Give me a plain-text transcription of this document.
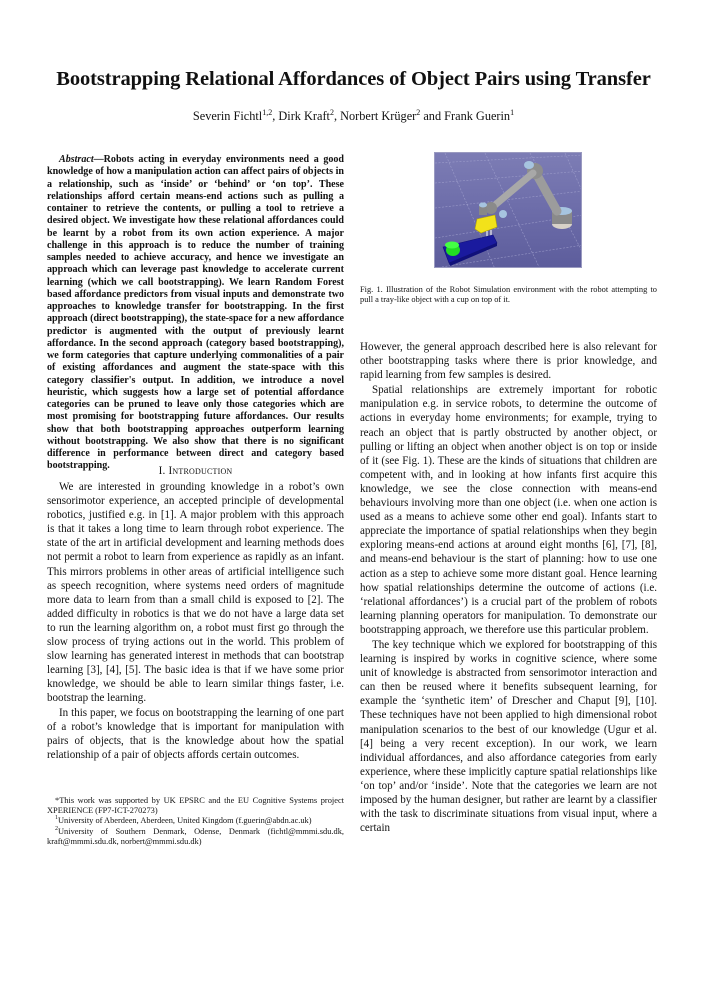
Bootstrapping Relational Affordances of Object Pairs using Transfer
Severin Fichtl$^{1,2}$, Dirk Kraft$^2$, Norbert Krüger$^2$ and Frank Guerin$^1$
Abstract—Robots acting in everyday environments need a good knowledge of how a manipulation action can affect pairs of objects in a relationship, such as ‘inside’ or ‘behind’ or ‘on top’. These relationships afford certain means-end actions such as pulling a container to retrieve the contents, or pulling a tool to retrieve a desired object. We investigate how these relational affordances could be learnt by a robot from its own action experience. A major challenge in this approach is to reduce the number of training samples needed to achieve accuracy, and hence we investigate an approach which can leverage past knowledge to accelerate current learning (which we call bootstrapping). We learn Random Forest based affordance predictors from visual inputs and demonstrate two approaches to knowledge transfer for bootstrapping. In the first approach (direct bootstrapping), the state-space for a new affordance predictor is augmented with the output of previously learnt affordance. In the second approach (category based bootstrapping), we form categories that capture underlying commonalities of a pair of existing affordances and augment the state-space with this category classifier's output. In addition, we introduce a novel heuristic, which suggests how a large set of potential affordance categories can be pruned to leave only those categories which are most promising for bootstrapping future affordances. Our results show that both bootstrapping approaches outperform learning without bootstrapping. We also show that there is no significant difference in performance between direct and category based bootstrapping.	I. Introduction

We are interested in grounding knowledge in a robot’s own sensorimotor experience, an accepted principle of developmental robotics, justified e.g. in [1]. A major problem with this approach is that it takes a long time to learn through robot experience. The state of the art in artificial development and learning methods does not permit a robot to learn from experience as rapidly as an infant. This mirrors problems in other areas of artificial intelligence such as speech recognition, where systems need orders of magnitude more data to learn from than a small child is exposed to [2]. The added difficulty in robotics is that we do not have a large data set to run the learning algorithm on, a robot must first go through the slow process of trying actions out in the world. This problem of slow learning has generated interest in methods that can bootstrap learning [3], [4], [5]. The basic idea is that if we have some prior knowledge, we should be able to learn similar things faster, i.e. bootstrap the learning.

In this paper, we focus on bootstrapping the learning of one part of a robot’s knowledge that is important for manipulation with pairs of objects, that is the knowledge about how the spatial relationship of a pair of objects affords certain outcomes.

*This work was supported by UK EPSRC and the EU Cognitive Systems project XPERIENCE (FP7-ICT-270273)

$^1$University of Aberdeen, Aberdeen, United Kingdom (f.guerin@abdn.ac.uk)

$^2$University of Southern Denmark, Odense, Denmark (fichtl@mmmi.sdu.dk, kraft@mmmi.sdu.dk, norbert@mmmi.sdu.dk)

Fig. 1. Illustration of the Robot Simulation environment with the robot attempting to pull a tray-like object with a cup on top of it.

However, the general approach described here is also relevant for other bootstrapping tasks where there is prior knowledge, and rapid learning from few samples is desired.

Spatial relationships are extremely important for robotic manipulation e.g. in service robots, to determine the outcome of actions in everyday home environments; for example, trying to reach an object that is partly obstructed by another object, or pulling or lifting an object when another object is on top or inside of it (see Fig. 1). These are the kinds of situations that children are competent with, and in looking at how infants first acquire this knowledge, we see the close connection with means-end behaviours involving more than one object (i.e. when one action is used as a means to achieve some other end goal). Infants start to appreciate the importance of spatial relationships when they begin exploring means-end actions at around eight months [6], [7], [8], and means-end behaviour is the start of planning: how to use one action as a step to achieve some more distant goal. Hence learning how spatial relationships determine the outcome of actions (i.e. ‘relational affordances’) is a crucial part of the problem of robots learning planning operators for manipulation. To demonstrate our bootstrapping approach, we therefore use this particular problem.

The key technique which we explored for bootstrapping of this learning is inspired by works in cognitive science, where some unit of knowledge is abstracted from sensorimotor interaction and can then be reused where it benefits subsequent learning, for example the ‘synthetic item’ of Drescher and Chaput [9], [10]. These techniques have not been applied to high dimensional robot manipulation scenarios to the best of our knowledge (Ugur et al. [4] being a very recent exception). In our work, we learn individual affordances, and also affordance categories from early experience, where these implicitly capture spatial relationships like ‘on top’ and/or ‘inside’. Note that the categories we learn are not imposed by the human designer, but rather are learnt by a classifier with the task to discriminate situations from visual input, where a certain
